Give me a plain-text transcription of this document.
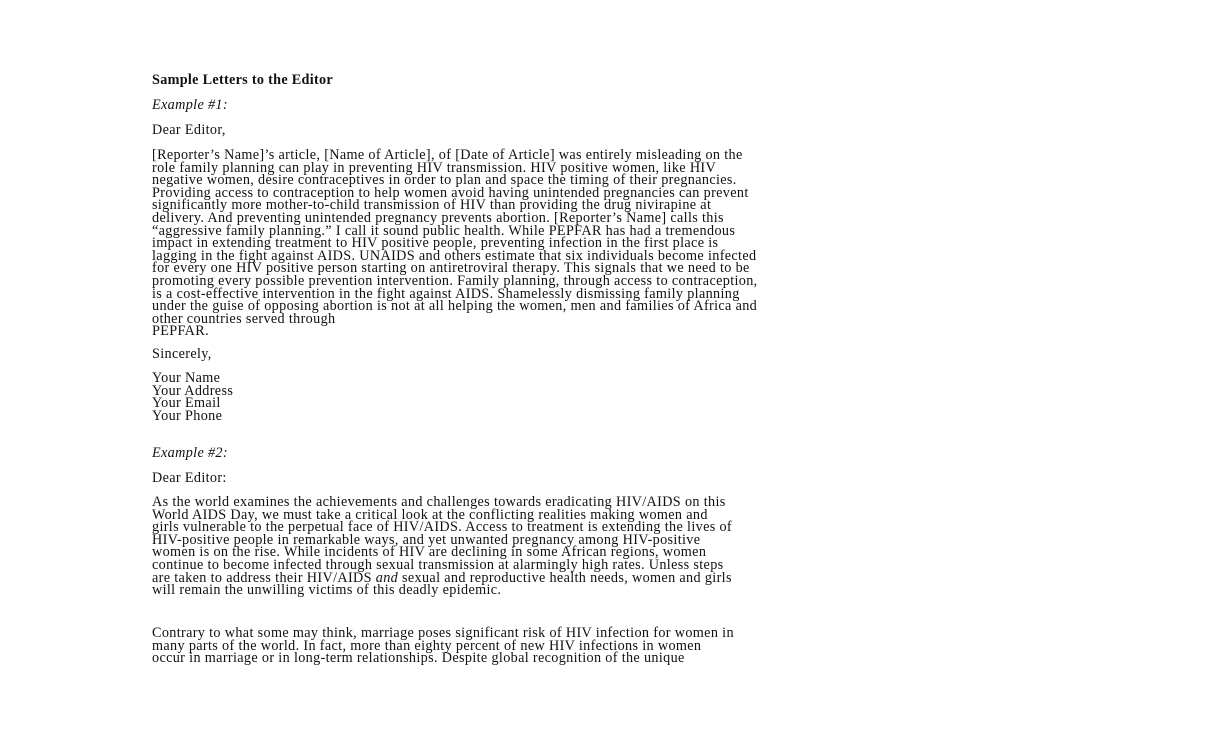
Sample Letters to the Editor
Example #1:
Dear Editor,
[Reporter’s Name]’s article, [Name of Article], of [Date of Article] was entirely misleading on the
role family planning can play in preventing HIV transmission. HIV positive women, like HIV
negative women, desire contraceptives in order to plan and space the timing of their pregnancies.
Providing access to contraception to help women avoid having unintended pregnancies can prevent
significantly more mother-to-child transmission of HIV than providing the drug nivirapine at
delivery. And preventing unintended pregnancy prevents abortion. [Reporter’s Name] calls this
“aggressive family planning.” I call it sound public health. While PEPFAR has had a tremendous
impact in extending treatment to HIV positive people, preventing infection in the first place is
lagging in the fight against AIDS. UNAIDS and others estimate that six individuals become infected
for every one HIV positive person starting on antiretroviral therapy. This signals that we need to be
promoting every possible prevention intervention. Family planning, through access to contraception,
is a cost-effective intervention in the fight against AIDS. Shamelessly dismissing family planning
under the guise of opposing abortion is not at all helping the women, men and families of Africa and
other countries served through
PEPFAR.
Sincerely,
Your Name
Your Address
Your Email
Your Phone
Example #2:
Dear Editor:
As the world examines the achievements and challenges towards eradicating HIV/AIDS on this
World AIDS Day, we must take a critical look at the conflicting realities making women and
girls vulnerable to the perpetual face of HIV/AIDS. Access to treatment is extending the lives of
HIV-positive people in remarkable ways, and yet unwanted pregnancy among HIV-positive
women is on the rise. While incidents of HIV are declining in some African regions, women
continue to become infected through sexual transmission at alarmingly high rates. Unless steps
are taken to address their HIV/AIDS and sexual and reproductive health needs, women and girls
will remain the unwilling victims of this deadly epidemic.
Contrary to what some may think, marriage poses significant risk of HIV infection for women in
many parts of the world. In fact, more than eighty percent of new HIV infections in women
occur in marriage or in long-term relationships. Despite global recognition of the unique
